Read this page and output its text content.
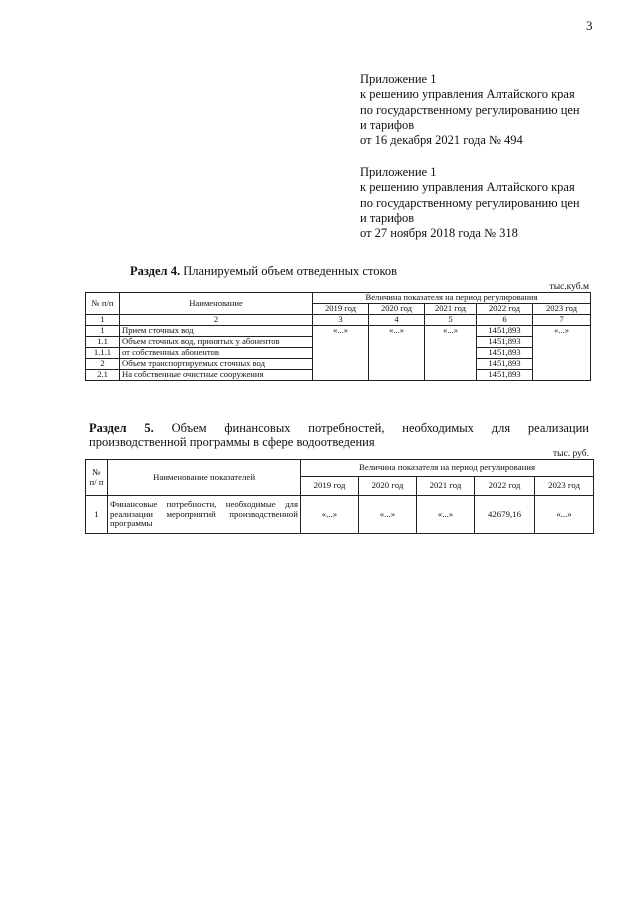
3
Приложение 1
к решению управления Алтайского края
по государственному регулированию цен
и тарифов
от 16 декабря 2021 года № 494
Приложение 1
к решению управления Алтайского края
по государственному регулированию цен
и тарифов
от 27 ноября 2018 года № 318
Раздел 4. Планируемый объем отведенных стоков
тыс.куб.м
№ п/п	Наименование	Величина показателя на период регулирования				
		2019 год	2020 год	2021 год	2022 год	2023 год
1	2	3	4	5	6	7
1	Прием сточных вод	«...»	«...»	«...»	1451,893	«...»
1.1	Объем сточных вод, принятых у абонентов				1451,893	
1.1.1	от собственных абонентов				1451,893	
2	Объем транспортируемых сточных вод				1451,893	
2.1	На собственные очистные сооружения				1451,893	
Раздел 5. Объем финансовых потребностей, необходимых для реализации
производственной программы в сфере водоотведения
тыс. руб.
№ п/ п	Наименование показателей	Величина показателя на период регулирования				
		2019 год	2020 год	2021 год	2022 год	2023 год
1	Финансовые потребности, необходимые для реализации мероприятий производственной программы	«...»	«...»	«...»	42679,16	«...»
